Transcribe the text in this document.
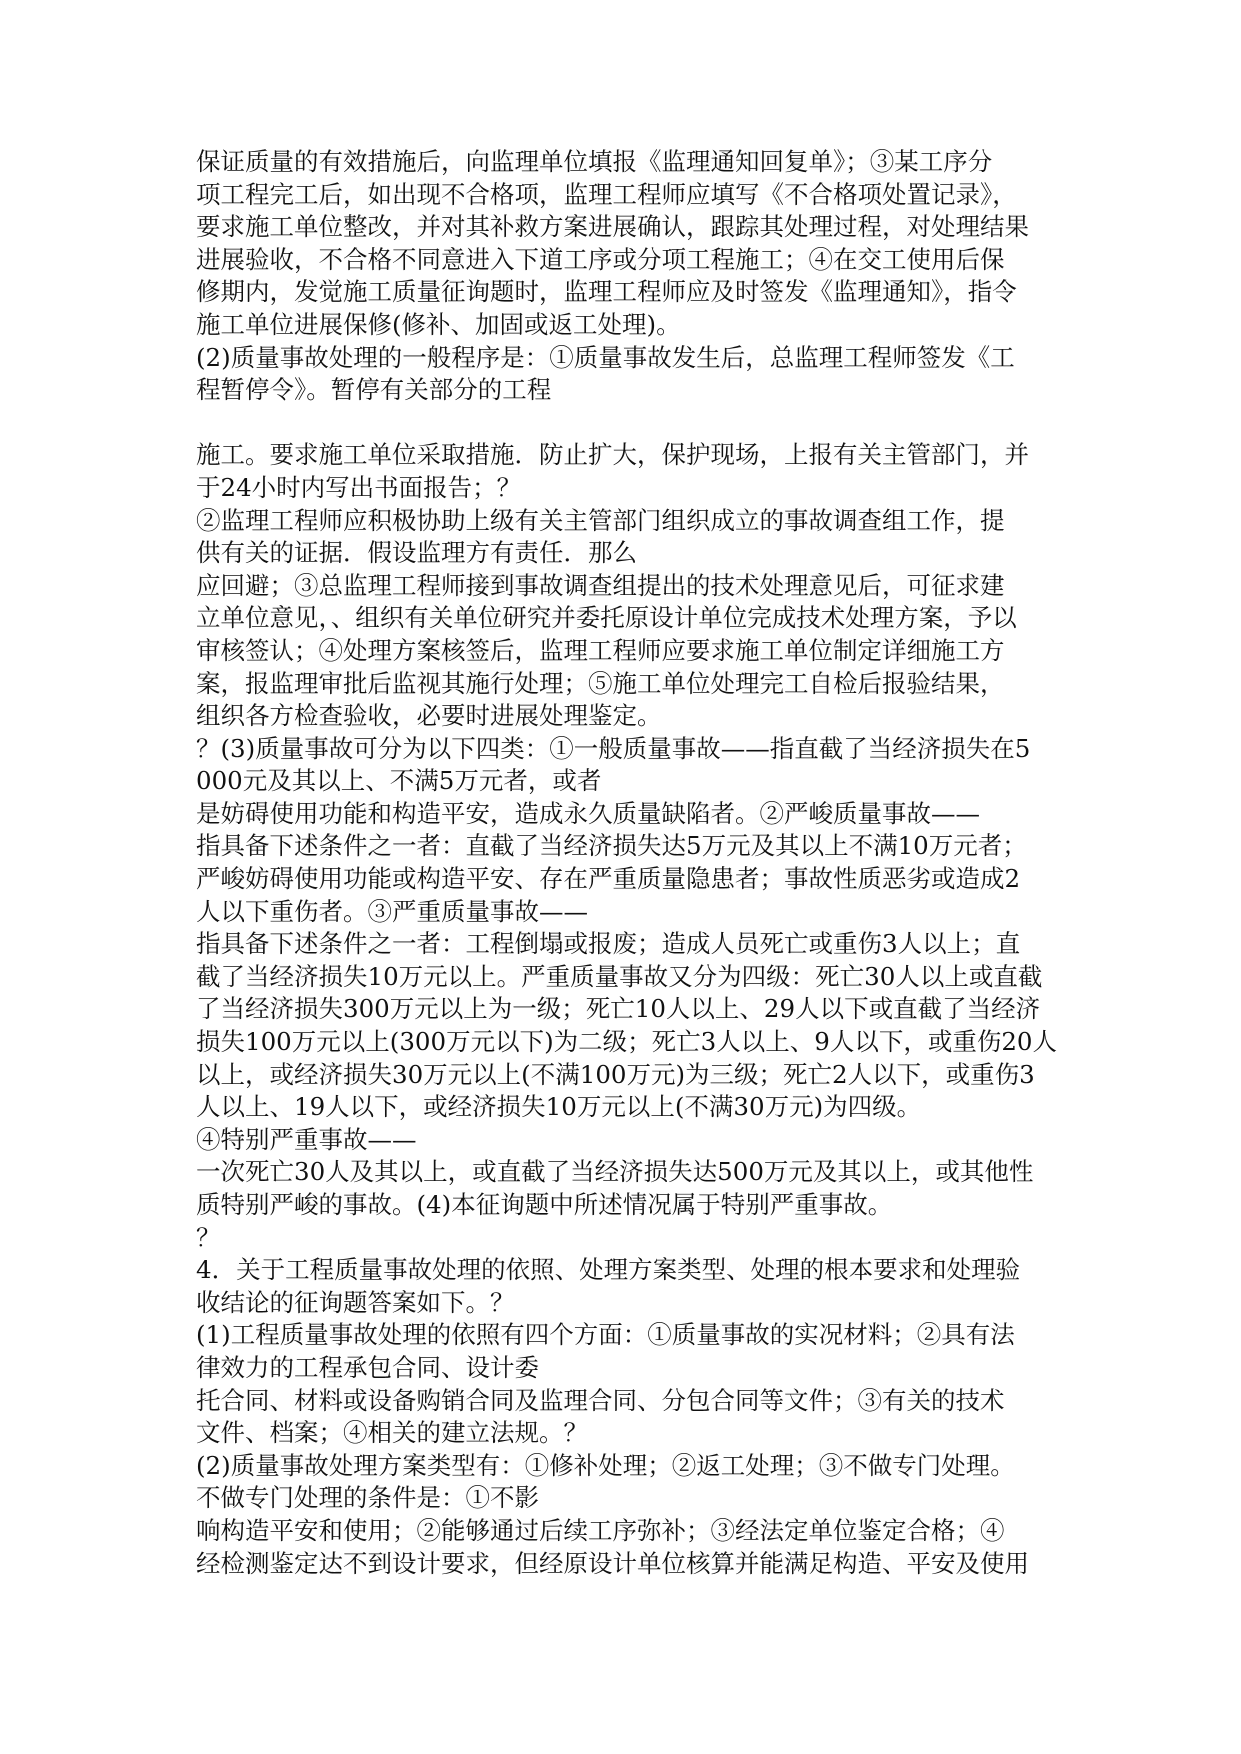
保证质量的有效措施后，向监理单位填报《监理通知回复单》；③某工序分
项工程完工后，如出现不合格项，监理工程师应填写《不合格项处置记录》，
要求施工单位整改，并对其补救方案进展确认，跟踪其处理过程，对处理结果
进展验收，不合格不同意进入下道工序或分项工程施工；④在交工使用后保
修期内，发觉施工质量征询题时，监理工程师应及时签发《监理通知》，指令
施工单位进展保修(修补、加固或返工处理)。
(2)质量事故处理的一般程序是：①质量事故发生后，总监理工程师签发《工
程暂停令》。暂停有关部分的工程
施工。要求施工单位采取措施．防止扩大，保护现场，上报有关主管部门，并
于24小时内写出书面报告；？
②监理工程师应积极协助上级有关主管部门组织成立的事故调查组工作，提
供有关的证据．假设监理方有责任．那么
应回避；③总监理工程师接到事故调查组提出的技术处理意见后，可征求建
立单位意见，、组织有关单位研究并委托原设计单位完成技术处理方案，予以
审核签认；④处理方案核签后，监理工程师应要求施工单位制定详细施工方
案，报监理审批后监视其施行处理；⑤施工单位处理完工自检后报验结果，
组织各方检查验收，必要时进展处理鉴定。
？(3)质量事故可分为以下四类：①一般质量事故——指直截了当经济损失在5
000元及其以上、不满5万元者，或者
是妨碍使用功能和构造平安，造成永久质量缺陷者。②严峻质量事故——
指具备下述条件之一者：直截了当经济损失达5万元及其以上不满10万元者；
严峻妨碍使用功能或构造平安、存在严重质量隐患者；事故性质恶劣或造成2
人以下重伤者。③严重质量事故——
指具备下述条件之一者：工程倒塌或报废；造成人员死亡或重伤3人以上；直
截了当经济损失10万元以上。严重质量事故又分为四级：死亡30人以上或直截
了当经济损失300万元以上为一级；死亡10人以上、29人以下或直截了当经济
损失100万元以上(300万元以下)为二级；死亡3人以上、9人以下，或重伤20人
以上，或经济损失30万元以上(不满100万元)为三级；死亡2人以下，或重伤3
人以上、19人以下，或经济损失10万元以上(不满30万元)为四级。
④特别严重事故——
一次死亡30人及其以上，或直截了当经济损失达500万元及其以上，或其他性
质特别严峻的事故。(4)本征询题中所述情况属于特别严重事故。
？
4．关于工程质量事故处理的依照、处理方案类型、处理的根本要求和处理验
收结论的征询题答案如下。？
(1)工程质量事故处理的依照有四个方面：①质量事故的实况材料；②具有法
律效力的工程承包合同、设计委
托合同、材料或设备购销合同及监理合同、分包合同等文件；③有关的技术
文件、档案；④相关的建立法规。？
(2)质量事故处理方案类型有：①修补处理；②返工处理；③不做专门处理。
不做专门处理的条件是：①不影
响构造平安和使用；②能够通过后续工序弥补；③经法定单位鉴定合格；④
经检测鉴定达不到设计要求，但经原设计单位核算并能满足构造、平安及使用
